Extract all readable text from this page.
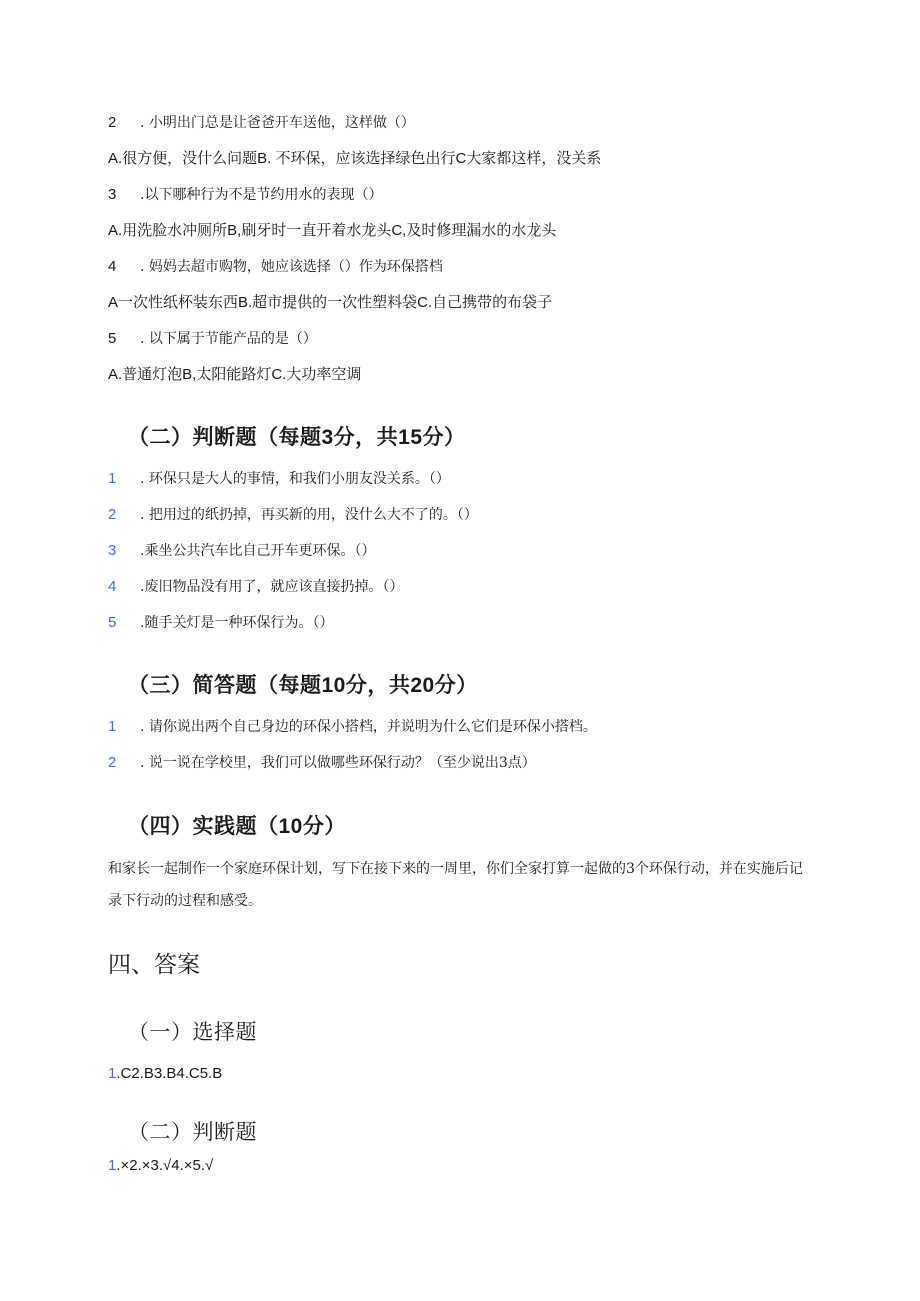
2 . 小明出门总是让爸爸开车送他，这样做（）
A.很方便，没什么问题B. 不环保，应该选择绿色出行C大家都这样，没关系
3 .以下哪种行为不是节约用水的表现（）
A.用洗脸水冲厕所B,刷牙时一直开着水龙头C,及时修理漏水的水龙头
4 . 妈妈去超市购物，她应该选择（）作为环保搭档
A一次性纸杯装东西B.超市提供的一次性塑料袋C.自己携带的布袋子
5 . 以下属于节能产品的是（）
A.普通灯泡B,太阳能路灯C.大功率空调
（二）判断题（每题3分，共15分）
1 . 环保只是大人的事情，和我们小朋友没关系。（）
2 . 把用过的纸扔掉，再买新的用，没什么大不了的。（）
3 .乘坐公共汽车比自己开车更环保。（）
4 .废旧物品没有用了，就应该直接扔掉。（）
5 .随手关灯是一种环保行为。（）
（三）简答题（每题10分，共20分）
1 . 请你说出两个自己身边的环保小搭档，并说明为什么它们是环保小搭档。
2 . 说一说在学校里，我们可以做哪些环保行动？（至少说出3点）
（四）实践题（10分）
和家长一起制作一个家庭环保计划，写下在接下来的一周里，你们全家打算一起做的3个环保行动，并在实施后记录下行动的过程和感受。
四、答案
（一）选择题
1.C2.B3.B4.C5.B
（二）判断题
1.×2.×3.√4.×5.√
